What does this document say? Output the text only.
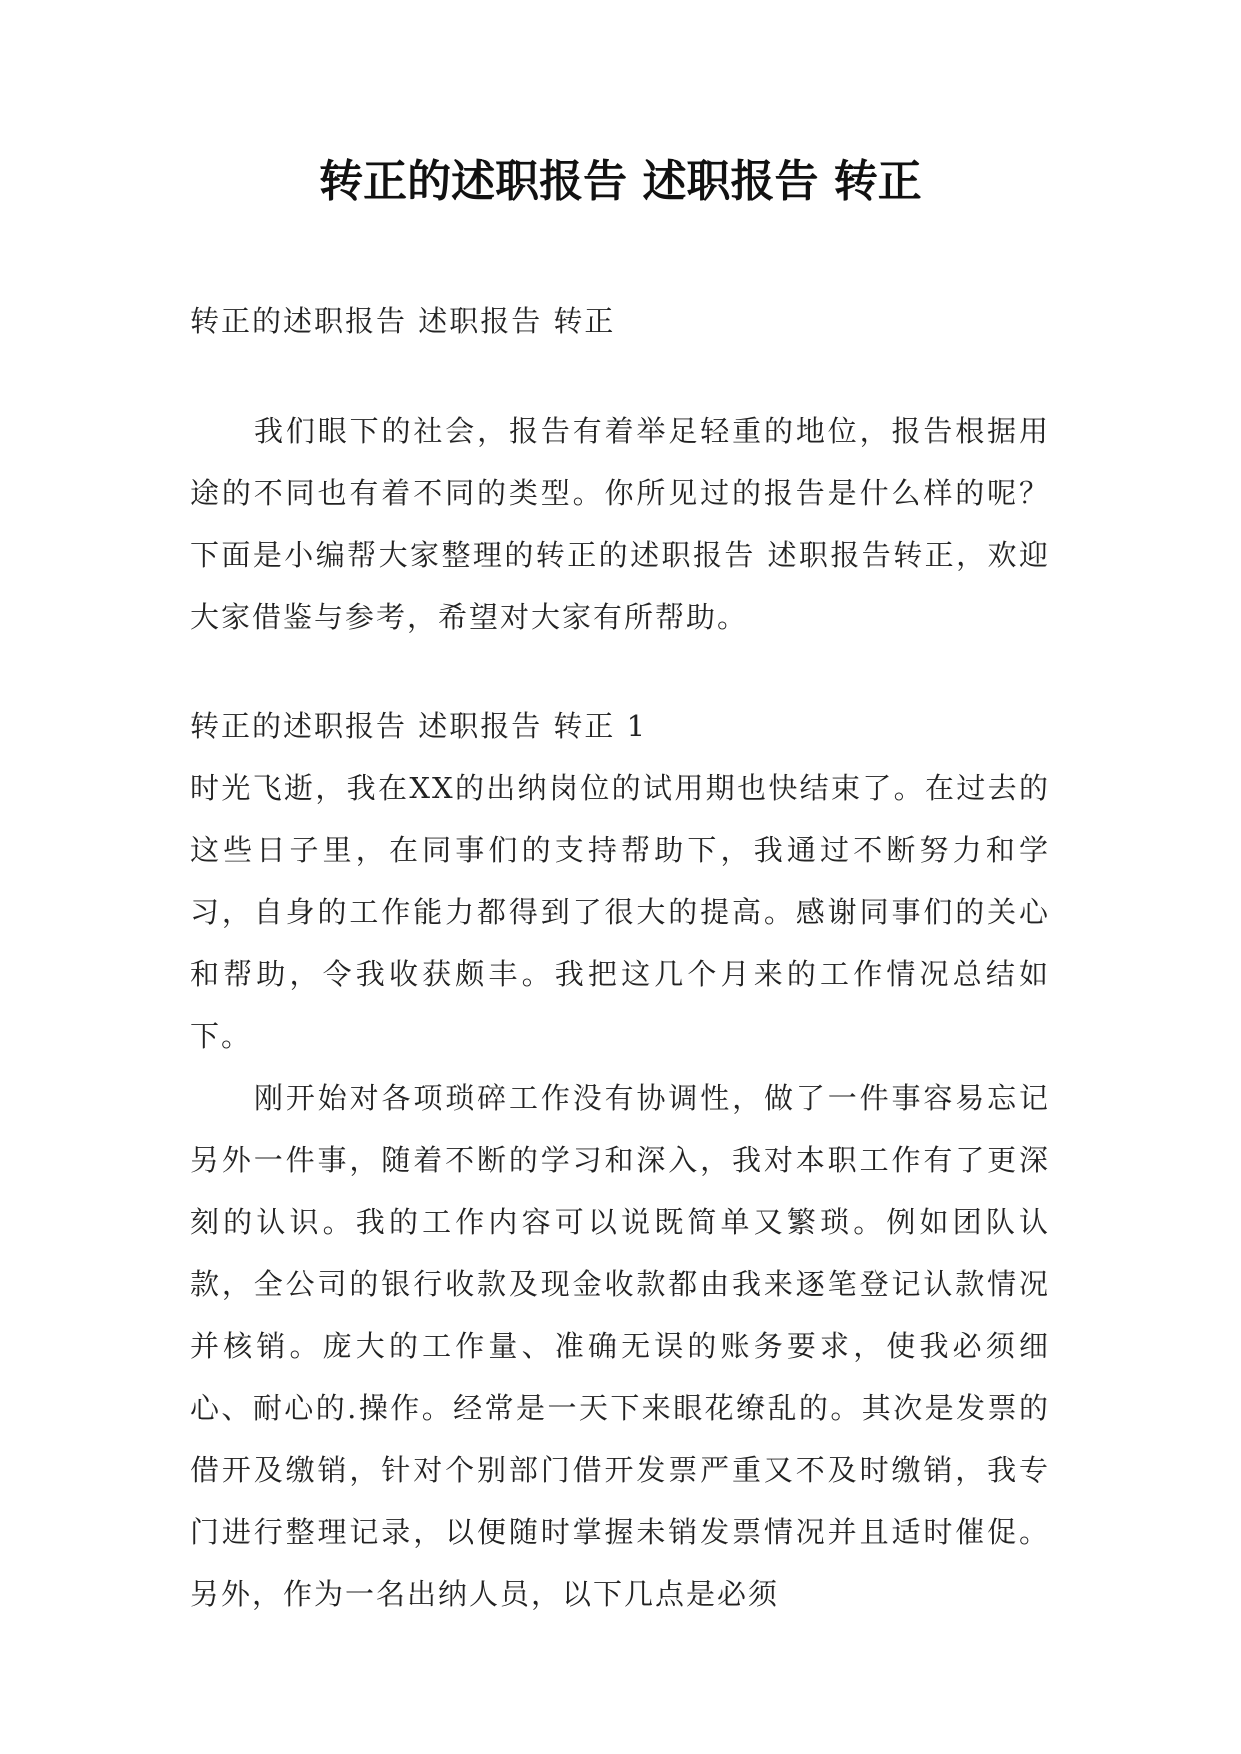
转正的述职报告 述职报告 转正
转正的述职报告 述职报告 转正

我们眼下的社会，报告有着举足轻重的地位，报告根据用途的不同也有着不同的类型。你所见过的报告是什么样的呢？下面是小编帮大家整理的转正的述职报告 述职报告转正，欢迎大家借鉴与参考，希望对大家有所帮助。

转正的述职报告 述职报告 转正 1

时光飞逝，我在XX的出纳岗位的试用期也快结束了。在过去的这些日子里，在同事们的支持帮助下，我通过不断努力和学习，自身的工作能力都得到了很大的提高。感谢同事们的关心和帮助，令我收获颇丰。我把这几个月来的工作情况总结如下。

刚开始对各项琐碎工作没有协调性，做了一件事容易忘记另外一件事，随着不断的学习和深入，我对本职工作有了更深刻的认识。我的工作内容可以说既简单又繁琐。例如团队认款，全公司的银行收款及现金收款都由我来逐笔登记认款情况并核销。庞大的工作量、准确无误的账务要求，使我必须细心、耐心的.操作。经常是一天下来眼花缭乱的。其次是发票的借开及缴销，针对个别部门借开发票严重又不及时缴销，我专门进行整理记录，以便随时掌握未销发票情况并且适时催促。另外，作为一名出纳人员，以下几点是必须
